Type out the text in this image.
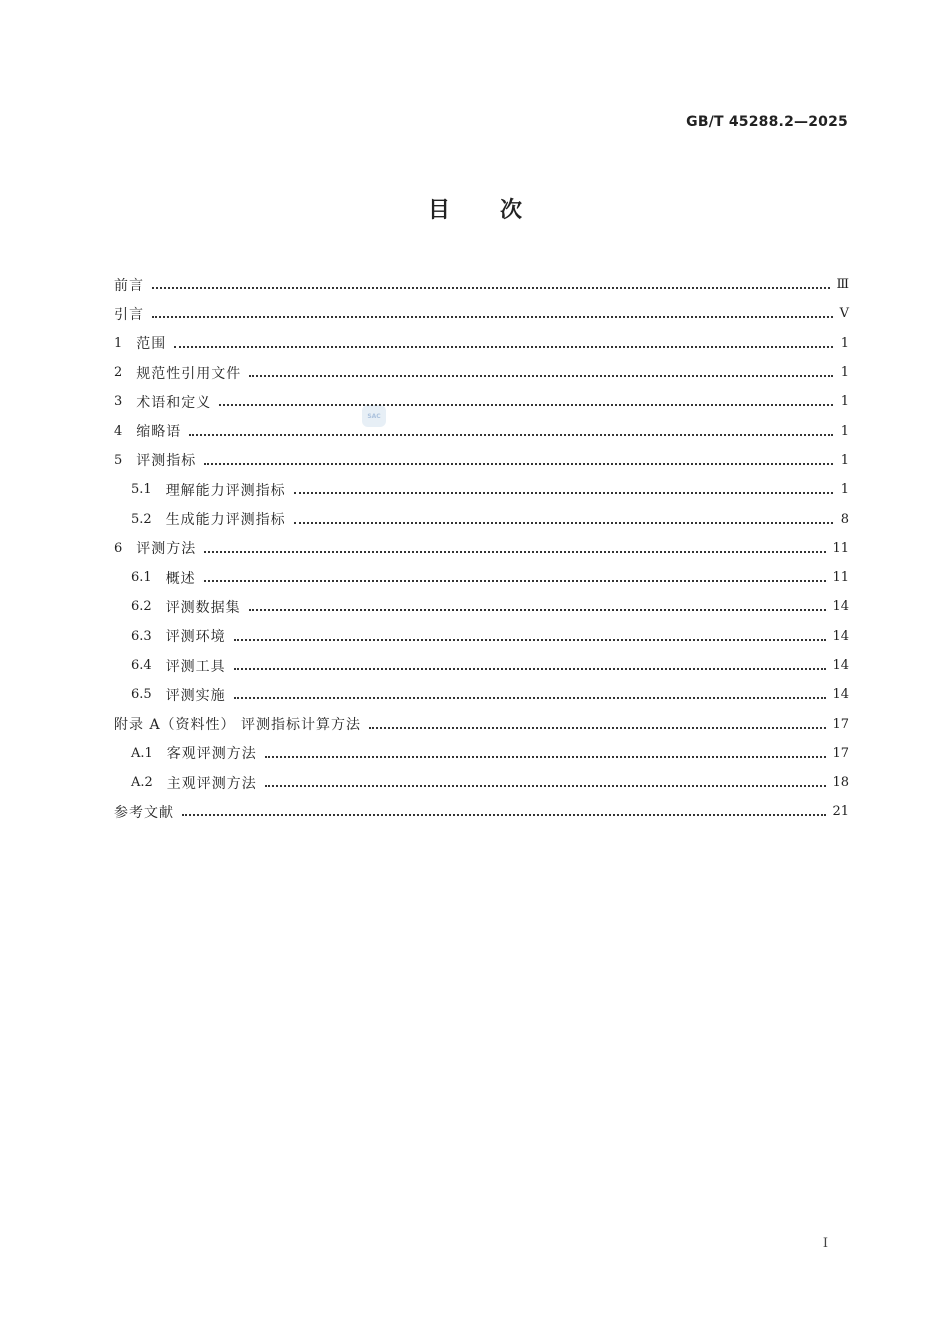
GB/T 45288.2—2025
目次
SAC
前言	Ⅲ
引言	Ⅴ
1 范围	1
2 规范性引用文件	1
3 术语和定义	1
4 缩略语	1
5 评测指标	1
5.1 理解能力评测指标	1
5.2 生成能力评测指标	8
6 评测方法	11
6.1 概述	11
6.2 评测数据集	14
6.3 评测环境	14
6.4 评测工具	14
6.5 评测实施	14
附录 A（资料性） 评测指标计算方法	17
A.1 客观评测方法	17
A.2 主观评测方法	18
参考文献	21
I
